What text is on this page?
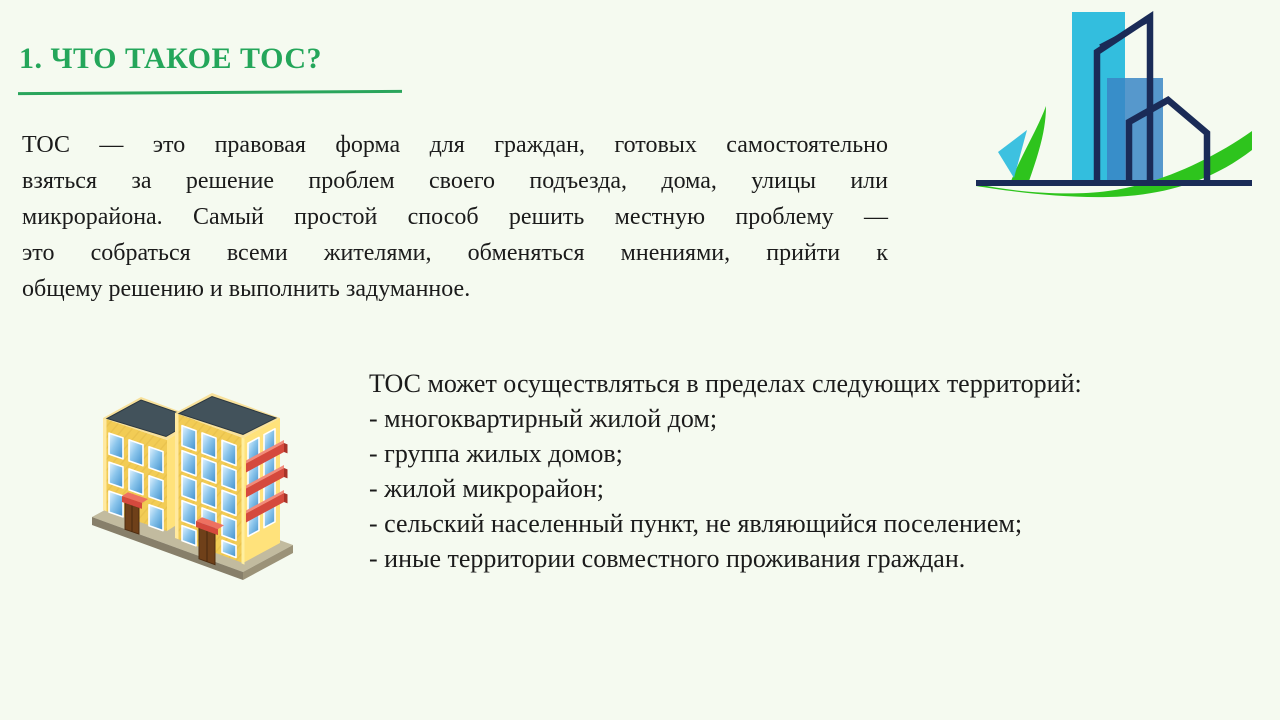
1. ЧТО ТАКОЕ ТОС?
ТОС — это правовая форма для граждан, готовых самостоятельно
взяться за решение проблем своего подъезда, дома, улицы или
микрорайона. Самый простой способ решить местную проблему —
это собраться всеми жителями, обменяться мнениями, прийти к
общему решению и выполнить задуманное.
ТОС может осуществляться в пределах следующих территорий:
- многоквартирный жилой дом;
- группа жилых домов;
- жилой микрорайон;
- сельский населенный пункт, не являющийся поселением;
- иные территории совместного проживания граждан.
